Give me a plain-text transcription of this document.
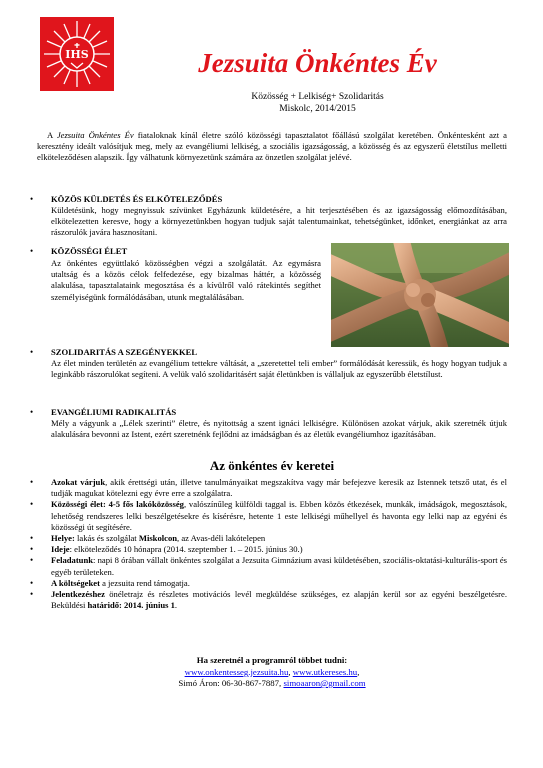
IHS	Jezsuita Önkéntes Év
Közösség + Lelkiség+ Szolidaritás
Miskolc, 2014/2015

A Jezsuita Önkéntes Év fiataloknak kínál életre szóló közösségi tapasztalatot főállású szolgálat keretében. Önkéntesként azt a keresztény ideált valósítjuk meg, mely az evangéliumi lelkiség, a szociális igazságosság, a közösség és az egyszerű életstílus melletti elköteleződésen alapszik. Így válhatunk környezetünk számára az önzetlen szolgálat jelévé.

• KÖZÖS KÜLDETÉS ÉS ELKÖTELEZŐDÉS

Küldetésünk, hogy megnyissuk szívünket Egyházunk küldetésére, a hit terjesztésében és az igazságosság előmozdításában, elkötelezetten keresve, hogy a környezetünkben hogyan tudjuk saját talentumainkat, tehetségünket, időnket, energiánkat az arra rászorulók javára hasznosítani.

• KÖZÖSSÉGI ÉLET

Az önkéntes együttlakó közösségben végzi a szolgálatát. Az egymásra utaltság és a közös célok felfedezése, egy bizalmas háttér, a közösség alakulása, tapasztalataink megosztása és a kívülről való rátekintés segíthet személyiségünk formálódásában, utunk megtalálásában.

• SZOLIDARITÁS A SZEGÉNYEKKEL

Az élet minden területén az evangélium tettekre váltását, a „szeretettel teli ember” formálódását keressük, és hogy hogyan tudjuk a leginkább rászorulókat segíteni. A velük való szolidaritásért saját életünkben is vállaljuk az egyszerűbb életstílust.

• EVANGÉLIUMI RADIKALITÁS

Mély a vágyunk a „Lélek szerinti” életre, és nyitottság a szent ignáci lelkiségre. Különösen azokat várjuk, akik szeretnék útjuk alakulására bevonni az Istent, ezért szeretnénk fejlődni az imádságban és az életük evangéliumhoz igazításában.

Az önkéntes év keretei
• Azokat várjuk, akik érettségi után, illetve tanulmányaikat megszakítva vagy már befejezve keresik az Istennek tetsző utat, és el tudják magukat kötelezni egy évre erre a szolgálatra.
• Közösségi élet: 4-5 fős lakóközösség, valószínűleg külföldi taggal is. Ebben közös étkezések, munkák, imádságok, megosztások, lehetőség rendszeres lelki beszélgetésekre és kísérésre, hetente 1 este lelkiségi műhellyel és havonta egy lelki nap az egyéni és közösségi út segítésére.
• Helye: lakás és szolgálat Miskolcon, az Avas-déli lakótelepen
• Ideje: elköteleződés 10 hónapra (2014. szeptember 1. – 2015. június 30.)
• Feladatunk: napi 8 órában vállalt önkéntes szolgálat a Jezsuita Gimnázium avasi küldetésében, szociális-oktatási-kulturális-sport és egyéb területeken.
• A költségeket a jezsuita rend támogatja.
• Jelentkezéshez önéletrajz és részletes motivációs levél megküldése szükséges, ez alapján kerül sor az egyéni beszélgetésre. Beküldési határidő: 2014. június 1.
Ha szeretnél a programról többet tudni:
www.onkentesseg.jezsuita.hu, www.utkereses.hu,
Simó Áron: 06-30-867-7887, simoaaron@gmail.com
